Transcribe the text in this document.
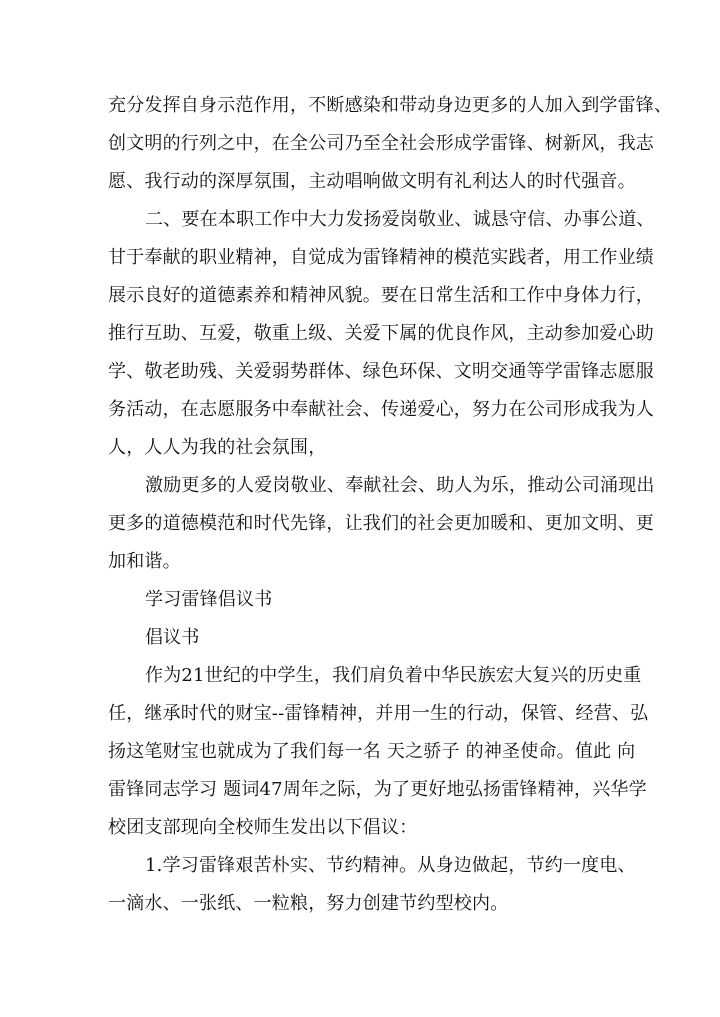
充分发挥自身示范作用，不断感染和带动身边更多的人加入到学雷锋、
创文明的行列之中，在全公司乃至全社会形成学雷锋、树新风，我志
愿、我行动的深厚氛围，主动唱响做文明有礼利达人的时代强音。
二、要在本职工作中大力发扬爱岗敬业、诚恳守信、办事公道、
甘于奉献的职业精神，自觉成为雷锋精神的模范实践者，用工作业绩
展示良好的道德素养和精神风貌。要在日常生活和工作中身体力行，
推行互助、互爱，敬重上级、关爱下属的优良作风，主动参加爱心助
学、敬老助残、关爱弱势群体、绿色环保、文明交通等学雷锋志愿服
务活动，在志愿服务中奉献社会、传递爱心，努力在公司形成我为人
人，人人为我的社会氛围，
激励更多的人爱岗敬业、奉献社会、助人为乐，推动公司涌现出
更多的道德模范和时代先锋，让我们的社会更加暖和、更加文明、更
加和谐。
学习雷锋倡议书
倡议书
作为21世纪的中学生，我们肩负着中华民族宏大复兴的历史重
任，继承时代的财宝--雷锋精神，并用一生的行动，保管、经营、弘
扬这笔财宝也就成为了我们每一名 天之骄子 的神圣使命。值此 向
雷锋同志学习 题词47周年之际，为了更好地弘扬雷锋精神，兴华学
校团支部现向全校师生发出以下倡议：
1.学习雷锋艰苦朴实、节约精神。从身边做起，节约一度电、
一滴水、一张纸、一粒粮，努力创建节约型校内。
